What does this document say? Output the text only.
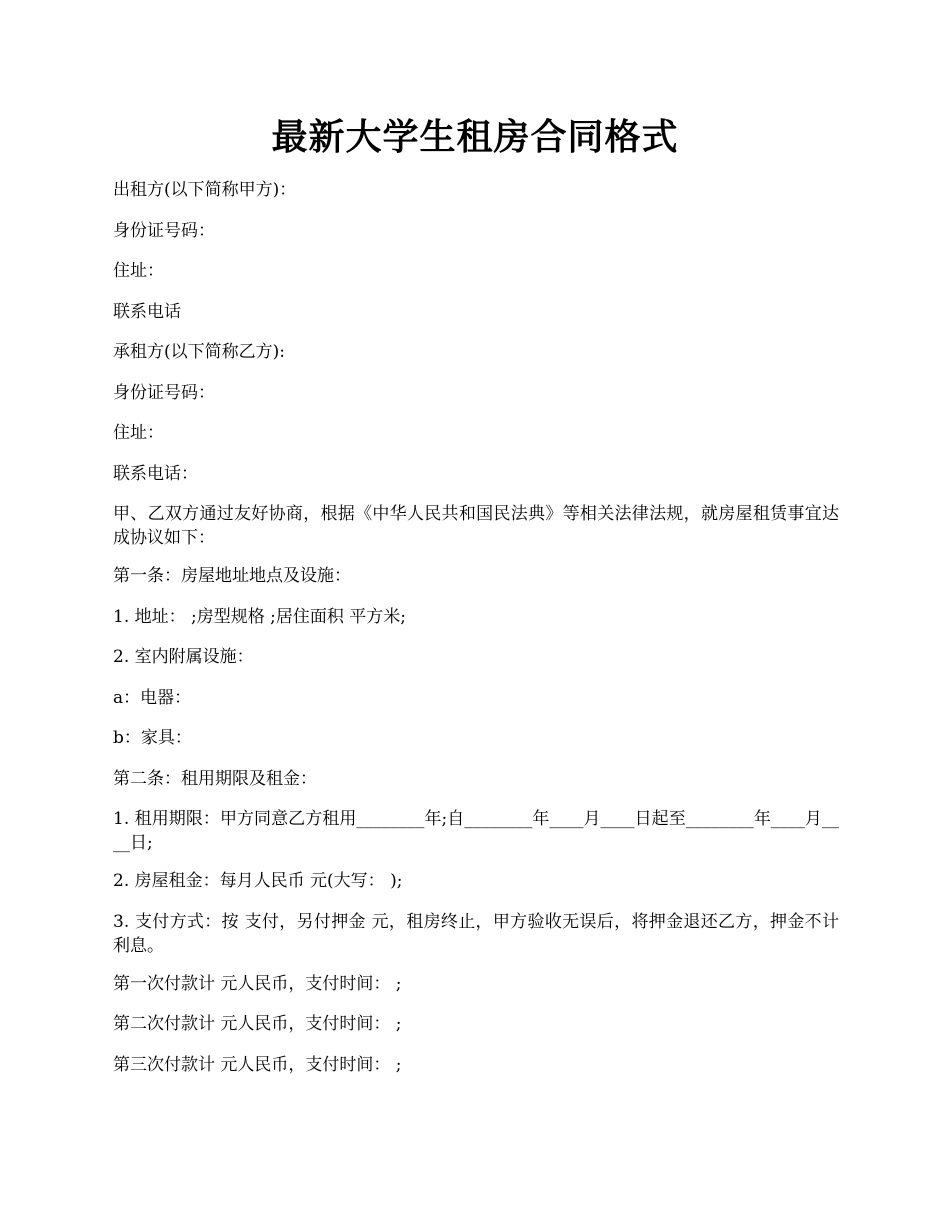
最新大学生租房合同格式

出租方(以下简称甲方)：

身份证号码：

住址：

联系电话

承租方(以下简称乙方):

身份证号码：

住址：

联系电话：

甲、乙双方通过友好协商，根据《中华人民共和国民法典》等相关法律法规，就房屋租赁事宜达成协议如下：

第一条：房屋地址地点及设施：

1. 地址： ;房型规格 ;居住面积 平方米;

2. 室内附属设施：

a：电器：

b：家具：

第二条：租用期限及租金：

1. 租用期限：甲方同意乙方租用________年;自________年____月____日起至________年____月____日;

2. 房屋租金：每月人民币 元(大写： );

3. 支付方式：按 支付，另付押金 元，租房终止，甲方验收无误后，将押金退还乙方，押金不计利息。

第一次付款计 元人民币，支付时间： ;

第二次付款计 元人民币，支付时间： ;

第三次付款计 元人民币，支付时间： ;
